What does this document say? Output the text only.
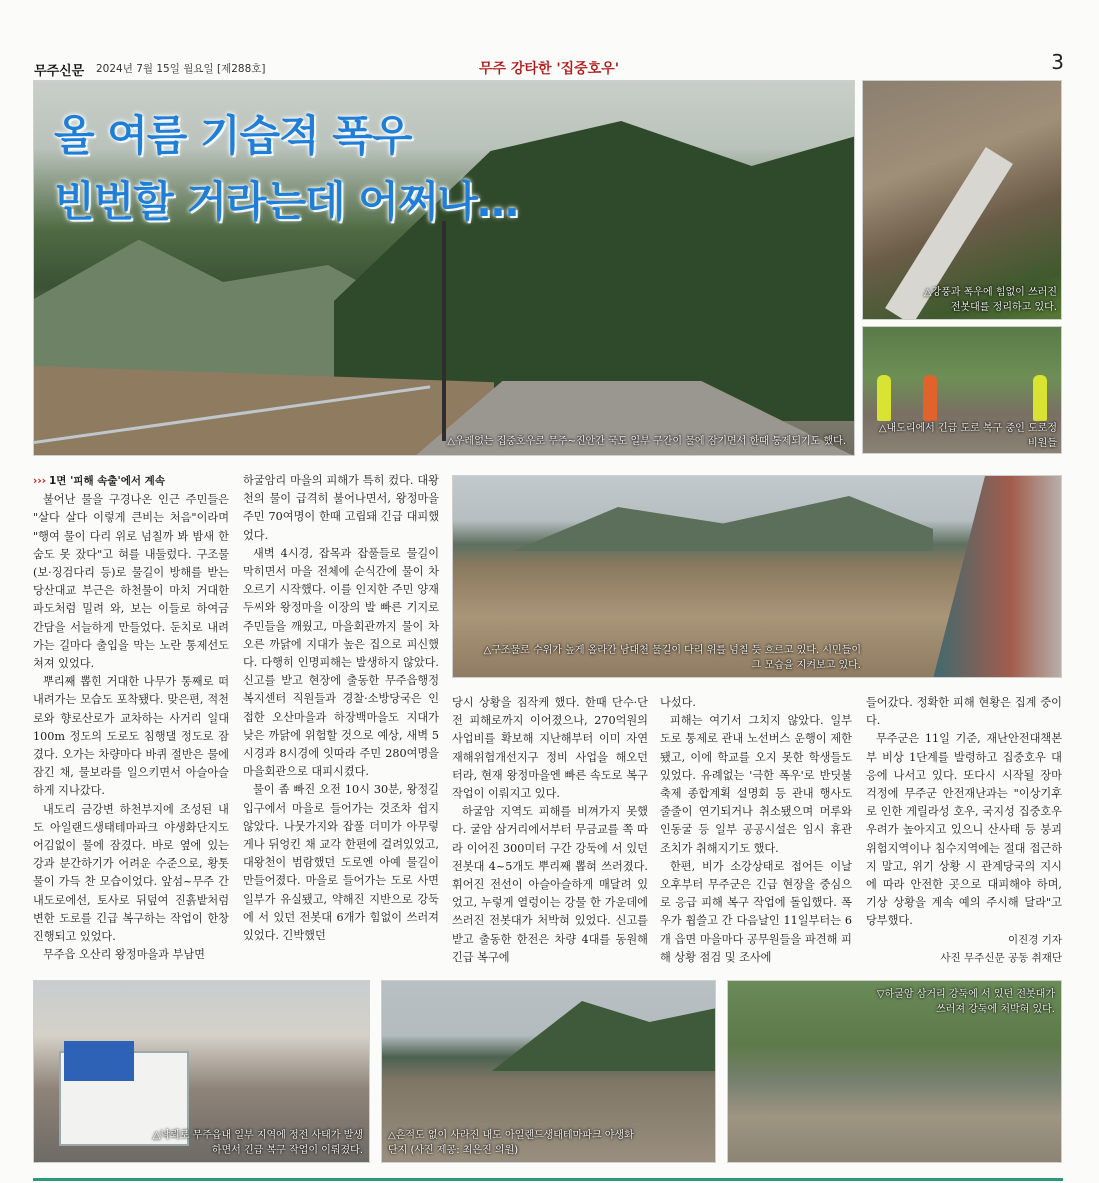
무주신문 2024년 7월 15일 월요일 [제288호]	무주 강타한 '집중호우'	3
올 여름 기습적 폭우
빈번할 거라는데 어쩌나…
△우레없는 집중호우로 무주~진안간 국도 일부 구간이 물에 잠기면서 한때 통제되기도 했다.
△강풍과 폭우에 힘없이 쓰러진 전봇대를 정리하고 있다.
△내도리에서 긴급 도로 복구 중인 도로정비원들
△구조물로 수위가 높게 올라간 남대천 물길이 다리 위를 넘칠 듯 흐르고 있다. 시민들이 그 모습을 지켜보고 있다.
››› 1면 '피해 속출'에서 계속

불어난 물을 구경나온 인근 주민들은 "살다 살다 이렇게 큰비는 처음"이라며 "행여 물이 다리 위로 넘칠까 봐 밤새 한숨도 못 잤다"고 혀를 내둘렀다. 구조물(보·징검다리 등)로 물길이 방해를 받는 당산대교 부근은 하천물이 마치 거대한 파도처럼 밀려 와, 보는 이들로 하여금 간담을 서늘하게 만들었다. 둔치로 내려가는 길마다 출입을 막는 노란 통제선도 쳐져 있었다.

뿌리째 뽑힌 거대한 나무가 통째로 떠내려가는 모습도 포착됐다. 맞은편, 적천로와 향로산로가 교차하는 사거리 일대 100m 정도의 도로도 침행댈 정도로 잠겼다. 오가는 차량마다 바퀴 절반은 물에 잠긴 채, 물보라를 일으키면서 아슬아슬하게 지나갔다.

내도리 금강변 하천부지에 조성된 내도 아일랜드생태테마파크 야생화단지도 어김없이 물에 잠겼다. 바로 옆에 있는 강과 분간하기가 어려운 수준으로, 황톳물이 가득 찬 모습이었다. 앞섬~무주 간 내도로에선, 토사로 뒤덮여 진흙밭처럼 변한 도로를 긴급 복구하는 작업이 한창 진행되고 있었다.

무주읍 오산리 왕정마을과 부남면

하굴암리 마을의 피해가 특히 컸다. 대왕천의 물이 급격히 불어나면서, 왕정마을 주민 70여명이 한때 고립돼 긴급 대피했었다.

새벽 4시경, 잡목과 잡풀들로 물길이 막히면서 마을 전체에 순식간에 물이 차오르기 시작했다. 이를 인지한 주민 양재두씨와 왕정마을 이장의 발 빠른 기지로 주민들을 깨웠고, 마을회관까지 물이 차오른 까닭에 지대가 높은 집으로 피신했다. 다행히 인명피해는 발생하지 않았다. 신고를 받고 현장에 출동한 무주읍행정복지센터 직원들과 경찰·소방당국은 인접한 오산마을과 하장백마을도 지대가 낮은 까닭에 위험할 것으로 예상, 새벽 5시경과 8시경에 잇따라 주민 280여명을 마을회관으로 대피시켰다.

물이 좀 빠진 오전 10시 30분, 왕정길 입구에서 마을로 들어가는 것조차 쉽지 않았다. 나뭇가지와 잡풀 더미가 아무렇게나 뒤엉킨 채 교각 한편에 걸려있었고, 대왕천이 범람했던 도로엔 아예 물길이 만들어졌다. 마을로 들어가는 도로 사면 일부가 유실됐고, 약해진 지반으로 강둑에 서 있던 전봇대 6개가 힘없이 쓰러져 있었다. 긴박했던

당시 상황을 짐작케 했다. 한때 단수·단전 피해로까지 이어졌으나, 270억원의 사업비를 확보해 지난해부터 이미 자연재해위험개선지구 정비 사업을 해오던 터라, 현재 왕정마을엔 빠른 속도로 복구 작업이 이뤄지고 있다.

하굴암 지역도 피해를 비껴가지 못했다. 굴암 삼거리에서부터 무금교를 쪽 따라 이어진 300미터 구간 강둑에 서 있던 전봇대 4~5개도 뿌리째 뽑혀 쓰러졌다. 휘어진 전선이 아슬아슬하게 매달려 있었고, 누렇게 열렁이는 강물 한 가운데에 쓰러진 전봇대가 처박혀 있었다. 신고를 받고 출동한 한전은 차량 4대를 동원해 긴급 복구에

나섰다.

피해는 여기서 그치지 않았다. 일부 도로 통제로 관내 노선버스 운행이 제한됐고, 이에 학교를 오지 못한 학생들도 있었다. 유례없는 '극한 폭우'로 반딧불축제 종합계획 설명회 등 관내 행사도 줄줄이 연기되거나 취소됐으며 머루와인동굴 등 일부 공공시설은 임시 휴관 조치가 취해지기도 했다.

한편, 비가 소강상태로 접어든 이날 오후부터 무주군은 긴급 현장을 중심으로 응급 피해 복구 작업에 돌입했다. 폭우가 휩쓸고 간 다음날인 11일부터는 6개 읍면 마을마다 공무원들을 파견해 피해 상황 점검 및 조사에

들어갔다. 정확한 피해 현황은 집계 중이다.

무주군은 11일 기준, 재난안전대책본부 비상 1단계를 발령하고 집중호우 대응에 나서고 있다. 또다시 시작될 장마 걱정에 무주군 안전재난과는 "이상기후로 인한 게릴라성 호우, 국지성 집중호우 우려가 높아지고 있으니 산사태 등 붕괴 위험지역이나 침수지역에는 절대 접근하지 말고, 위기 상황 시 관계당국의 지시에 따라 안전한 곳으로 대피해야 하며, 기상 상황을 계속 예의 주시해 달라"고 당부했다.

이진경 기자
사진 무주신문 공동 취재단
△낙뢰로 무주읍내 일부 지역에 정전 사태가 발생하면서 긴급 복구 작업이 이뤄졌다.
△흔적도 없이 사라진 내도 아일랜드생태테마파크 야생화 단지 (사진 제공: 최은진 의원)
▽하굴암 삼거리 강둑에 서 있던 전봇대가 쓰러져 강둑에 처박혀 있다.
